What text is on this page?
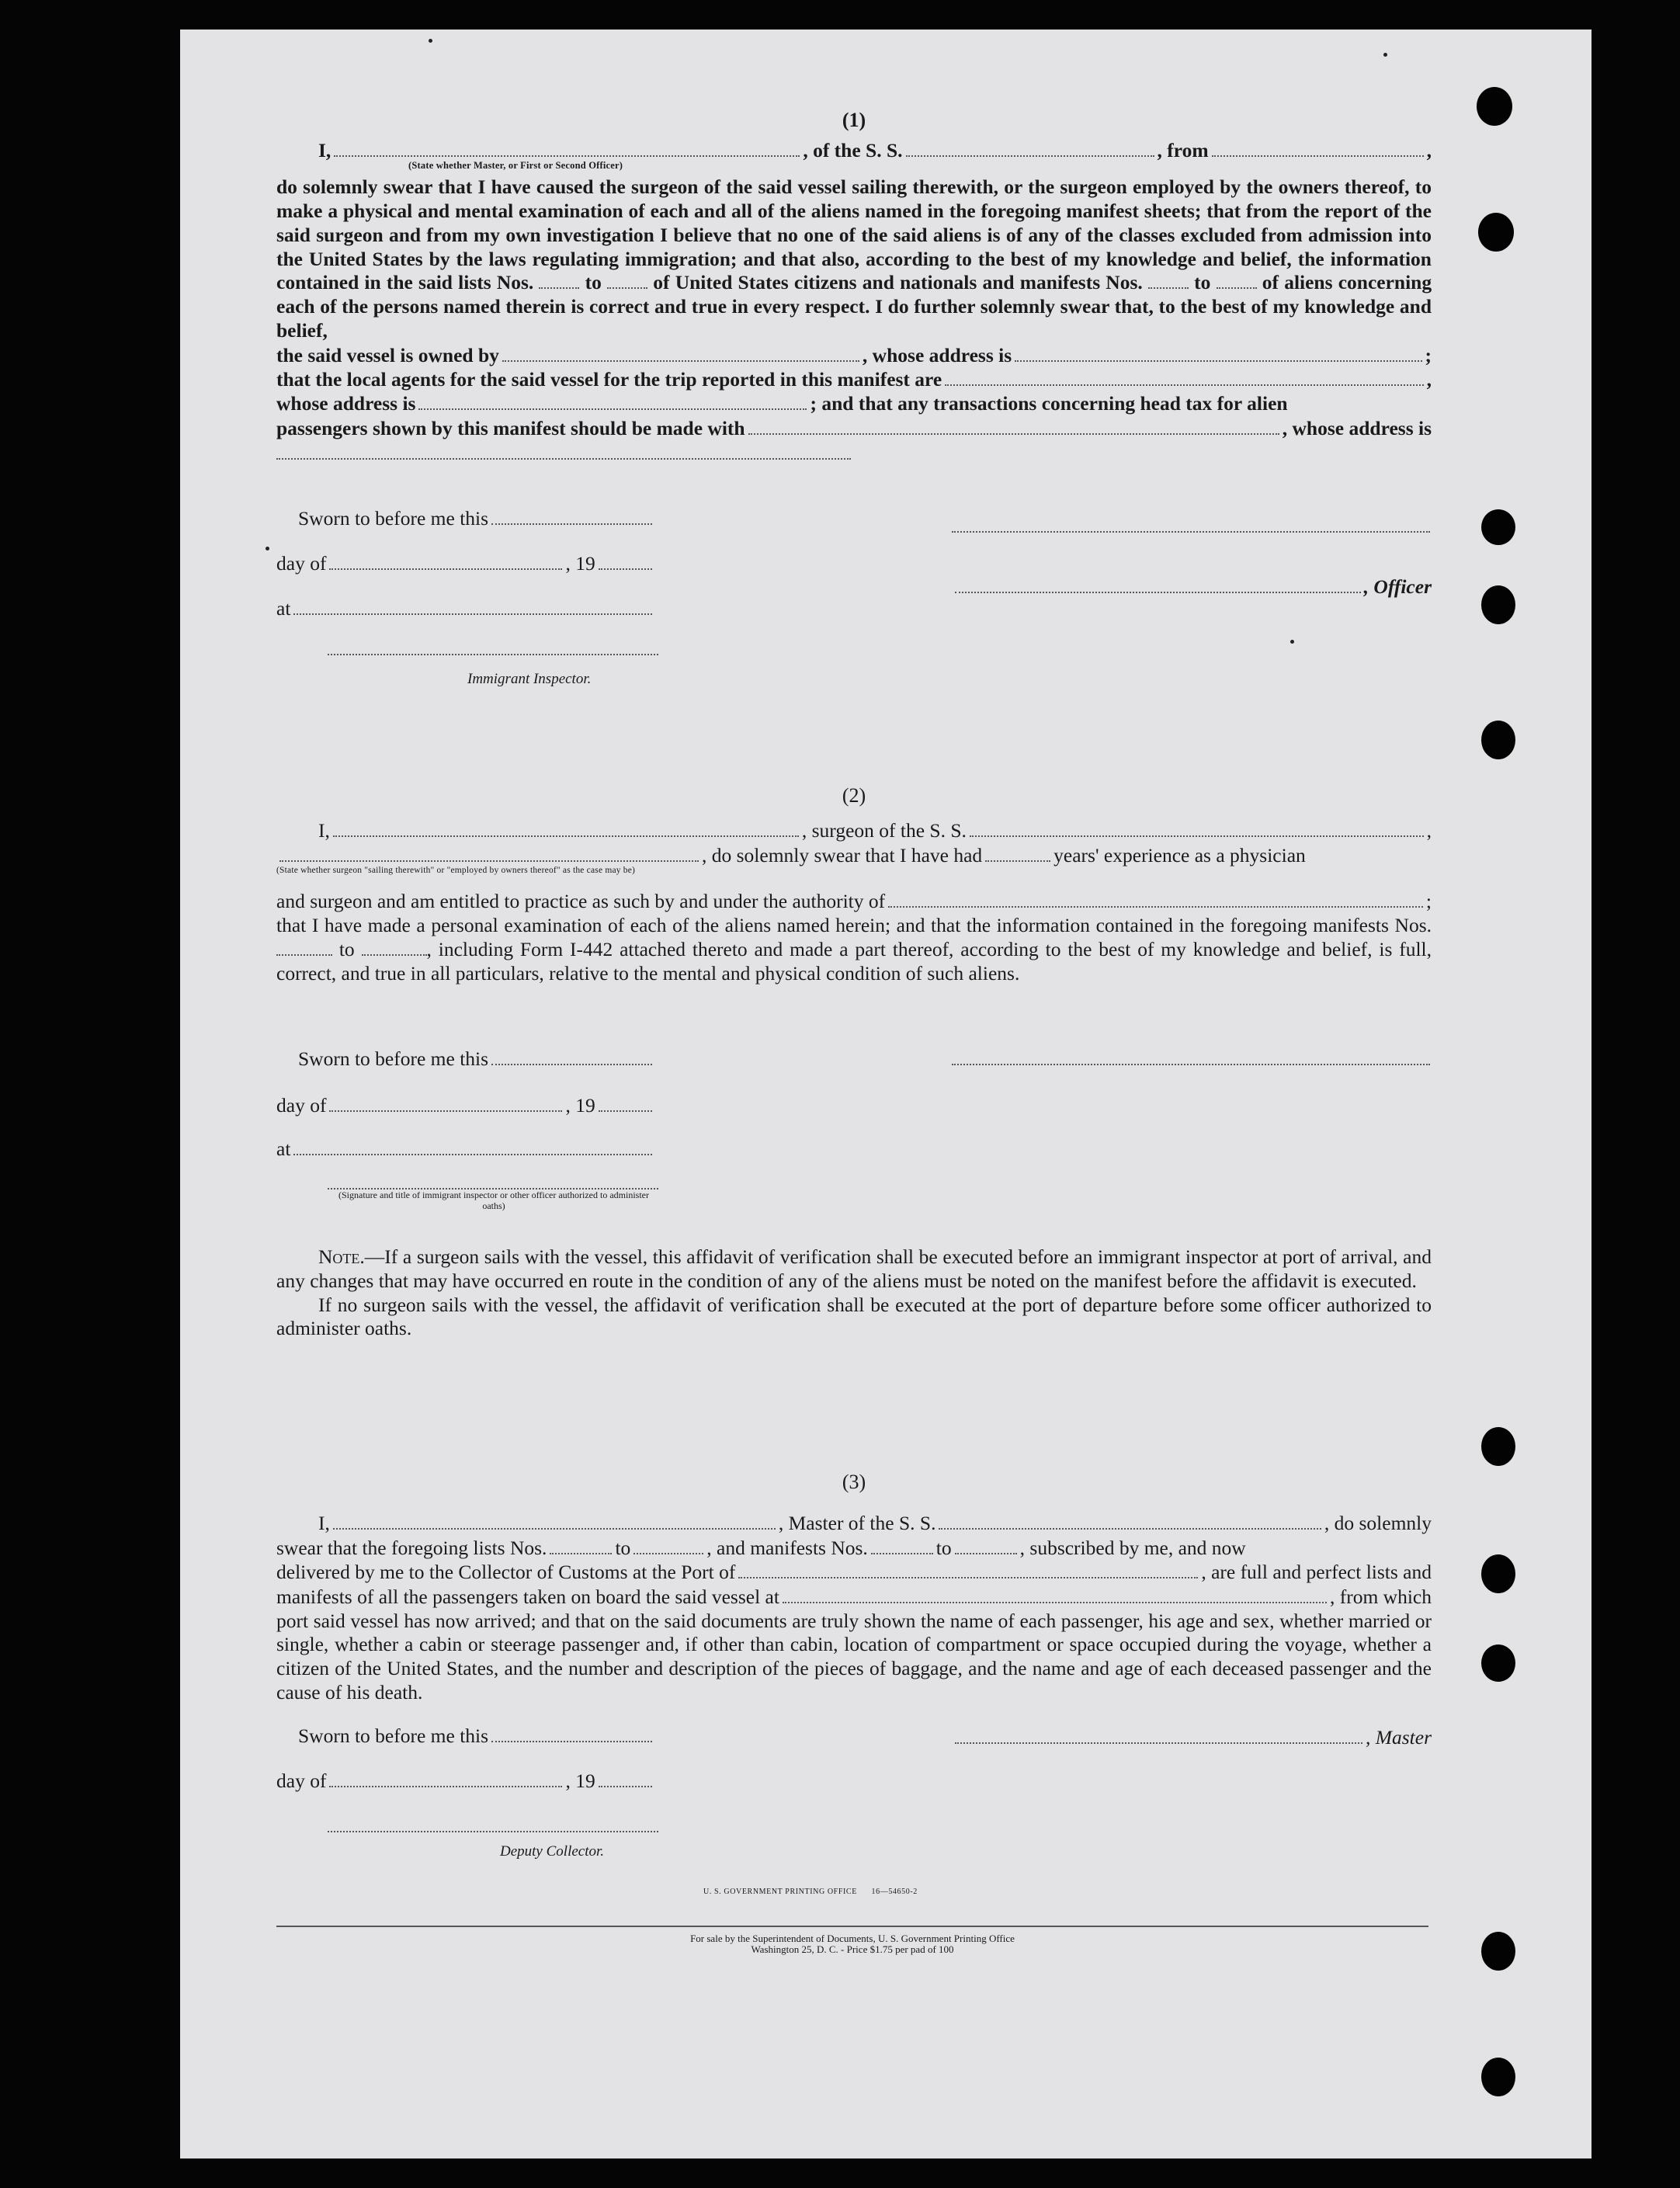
(1)
I,	, of the S. S.	, from	,
(State whether Master, or First or Second Officer)

do solemnly swear that I have caused the surgeon of the said vessel sailing therewith, or the surgeon employed by the owners thereof, to make a physical and mental examination of each and all of the aliens named in the foregoing manifest sheets; that from the report of the said surgeon and from my own investigation I believe that no one of the said aliens is of any of the classes excluded from admission into the United States by the laws regulating immigration; and that also, according to the best of my knowledge and belief, the information contained in the said lists Nos.	to	of United States citizens and nationals and manifests Nos.	to	of aliens concerning each of the persons named therein is correct and true in every respect. I do further solemnly swear that, to the best of my knowledge and belief,

the said vessel is owned by	, whose address is	;
that the local agents for the said vessel for the trip reported in this manifest are	,
whose address is	; and that any transactions concerning head tax for alien
passengers shown by this manifest should be made with	, whose address is
Sworn to before me this
day of	, 19
at
Immigrant Inspector.
, Officer
(2)
I,	, surgeon of the S. S.	,
, do solemnly swear that I have had	years' experience as a physician
(State whether surgeon "sailing therewith" or "employed by owners thereof" as the case may be)
and surgeon and am entitled to practice as such by and under the authority of	;

that I have made a personal examination of each of the aliens named herein; and that the information contained in the foregoing manifests Nos.  to	, including Form I-442 attached thereto and made a part thereof, according to the best of my knowledge and belief, is full, correct, and true in all particulars, relative to the mental and physical condition of such aliens.

Sworn to before me this
day of	, 19
at
(Signature and title of immigrant inspector or other officer authorized to administer oaths)

Note.—If a surgeon sails with the vessel, this affidavit of verification shall be executed before an immigrant inspector at port of arrival, and any changes that may have occurred en route in the condition of any of the aliens must be noted on the manifest before the affidavit is executed.

If no surgeon sails with the vessel, the affidavit of verification shall be executed at the port of departure before some officer authorized to administer oaths.

(3)
I,	, Master of the S. S.	, do solemnly
swear that the foregoing lists Nos.	to	, and manifests Nos.	to	, subscribed by me, and now
delivered by me to the Collector of Customs at the Port of	, are full and perfect lists and
manifests of all the passengers taken on board the said vessel at	, from which

port said vessel has now arrived; and that on the said documents are truly shown the name of each passenger, his age and sex, whether married or single, whether a cabin or steerage passenger and, if other than cabin, location of compartment or space occupied during the voyage, whether a citizen of the United States, and the number and description of the pieces of baggage, and the name and age of each deceased passenger and the cause of his death.

Sworn to before me this	, Master
day of	, 19
Deputy Collector.
U. S. GOVERNMENT PRINTING OFFICE      16—54650-2
For sale by the Superintendent of Documents, U. S. Government Printing Office
Washington 25, D. C. - Price $1.75 per pad of 100
